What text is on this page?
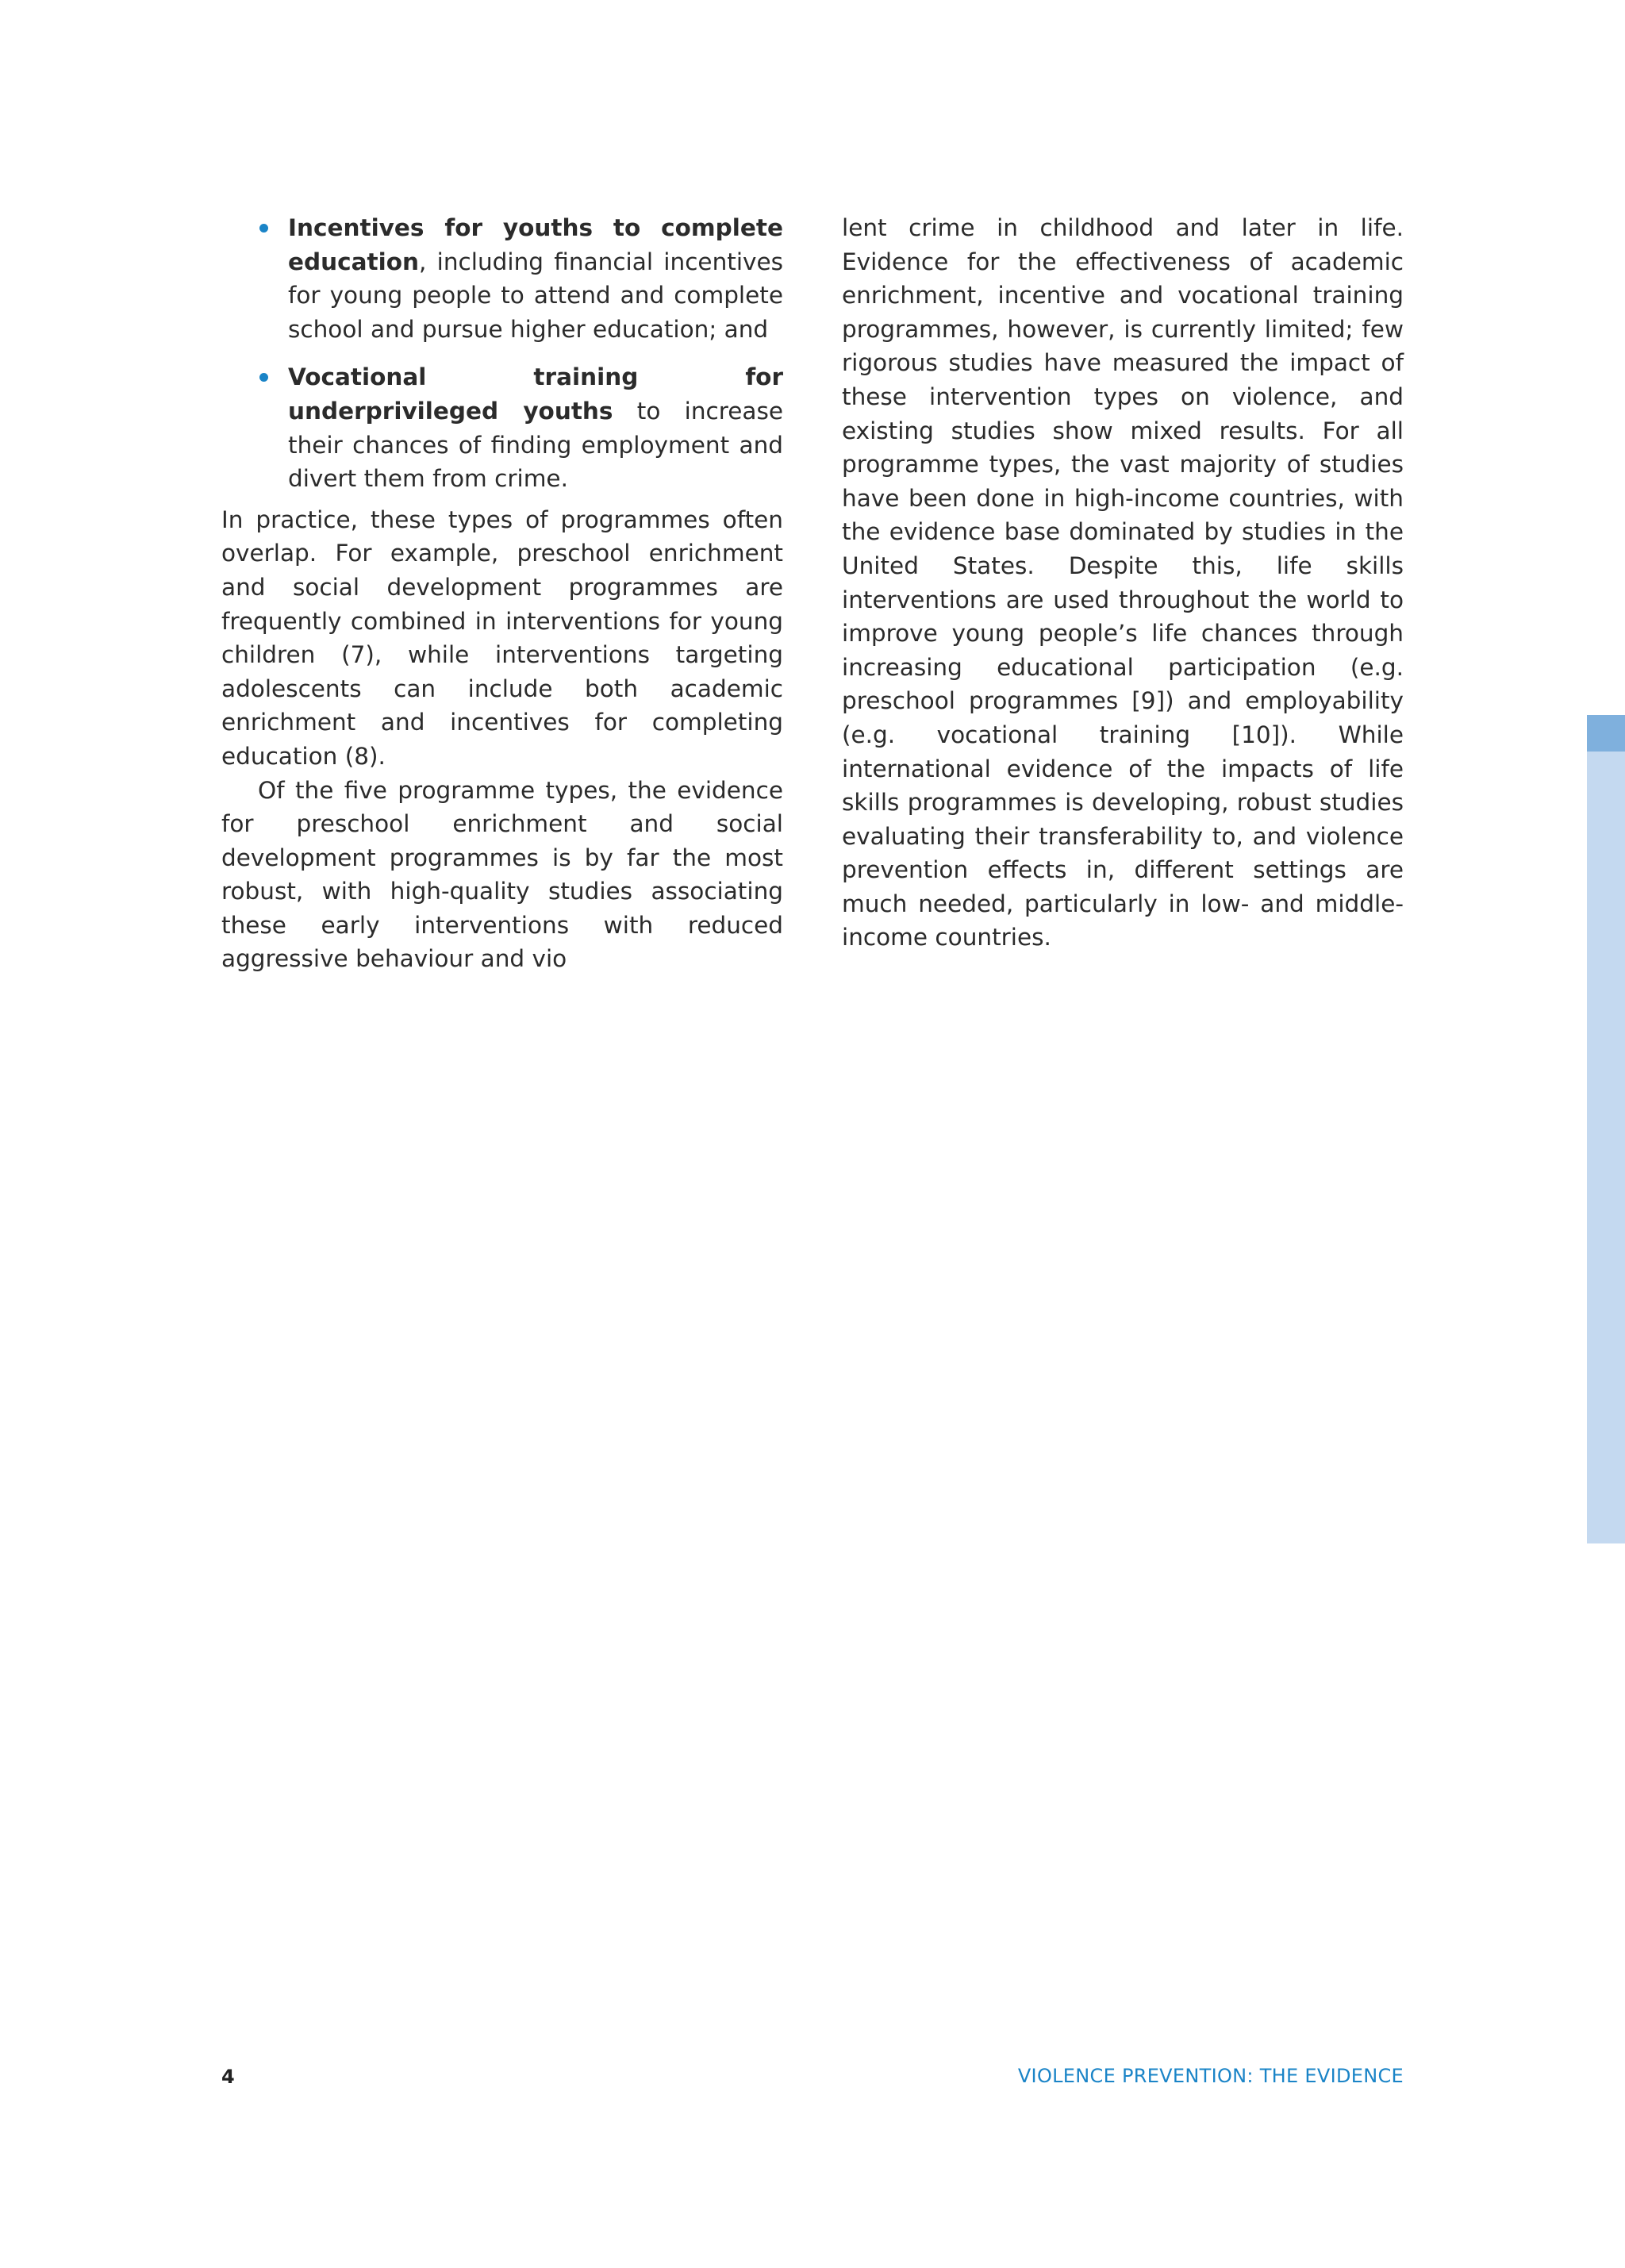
Incentives for youths to complete education, including financial incentives for young people to attend and complete school and pursue higher education; and
Vocational training for underprivileged youths to increase their chances of finding employment and divert them from crime.

In practice, these types of programmes often overlap. For example, preschool enrichment and social development programmes are frequently combined in interventions for young children (7), while interventions targeting adolescents can include both academic enrichment and incentives for completing education (8).

Of the five programme types, the evidence for preschool enrichment and social development programmes is by far the most robust, with high-quality studies associating these early interventions with reduced aggressive behaviour and vio

lent crime in childhood and later in life. Evidence for the effectiveness of academic enrichment, incentive and vocational training programmes, however, is currently limited; few rigorous studies have measured the impact of these intervention types on violence, and existing studies show mixed results. For all programme types, the vast majority of studies have been done in high-income countries, with the evidence base dominated by studies in the United States. Despite this, life skills interventions are used throughout the world to improve young people’s life chances through increasing educational participation (e.g. preschool programmes [9]) and employability (e.g. vocational training [10]). While international evidence of the impacts of life skills programmes is developing, robust studies evaluating their transferability to, and violence prevention effects in, different settings are much needed, particularly in low- and middle-income countries.

4	VIOLENCE PREVENTION: THE EVIDENCE
